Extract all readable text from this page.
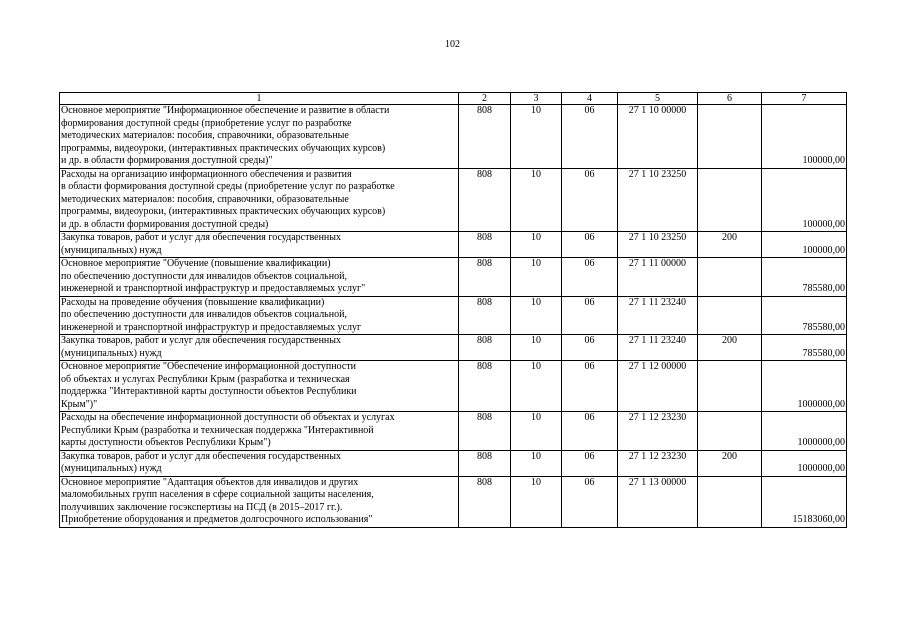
102
1	2	3	4	5	6	7

Основное мероприятие "Информационное обеспечение и развитие в области
формирования доступной среды (приобретение услуг по разработке
методических материалов: пособия, справочники, образовательные
программы, видеоуроки, (интерактивных практических обучающих курсов)
и др. в области формирования доступной среды)"	808	10	06	27 1 10 00000		100000,00

Расходы на организацию информационного обеспечения и развития
в области формирования доступной среды (приобретение услуг по разработке
методических материалов: пособия, справочники, образовательные
программы, видеоуроки, (интерактивных практических обучающих курсов)
и др. в области формирования доступной среды)	808	10	06	27 1 10 23250		100000,00

Закупка товаров, работ и услуг для обеспечения государственных
(муниципальных) нужд	808	10	06	27 1 10 23250	200	100000,00

Основное мероприятие "Обучение (повышение квалификации)
по обеспечению доступности для инвалидов объектов социальной,
инженерной и транспортной инфраструктур и предоставляемых услуг"	808	10	06	27 1 11 00000		785580,00

Расходы на проведение обучения (повышение квалификации)
по обеспечению доступности для инвалидов объектов социальной,
инженерной и транспортной инфраструктур и предоставляемых услуг	808	10	06	27 1 11 23240		785580,00

Закупка товаров, работ и услуг для обеспечения государственных
(муниципальных) нужд	808	10	06	27 1 11 23240	200	785580,00

Основное мероприятие "Обеспечение информационной доступности
об объектах и услугах Республики Крым (разработка и техническая
поддержка "Интерактивной карты доступности объектов Республики
Крым")"	808	10	06	27 1 12 00000		1000000,00

Расходы на обеспечение информационной доступности об объектах и услугах
Республики Крым (разработка и техническая поддержка "Интерактивной
карты доступности объектов Республики Крым")	808	10	06	27 1 12 23230		1000000,00

Закупка товаров, работ и услуг для обеспечения государственных
(муниципальных) нужд	808	10	06	27 1 12 23230	200	1000000,00

Основное мероприятие "Адаптация объектов для инвалидов и других
маломобильных групп населения в сфере социальной защиты населения,
получивших заключение госэкспертизы на ПСД (в 2015–2017 гг.).
Приобретение оборудования и предметов долгосрочного использования"	808	10	06	27 1 13 00000		15183060,00
